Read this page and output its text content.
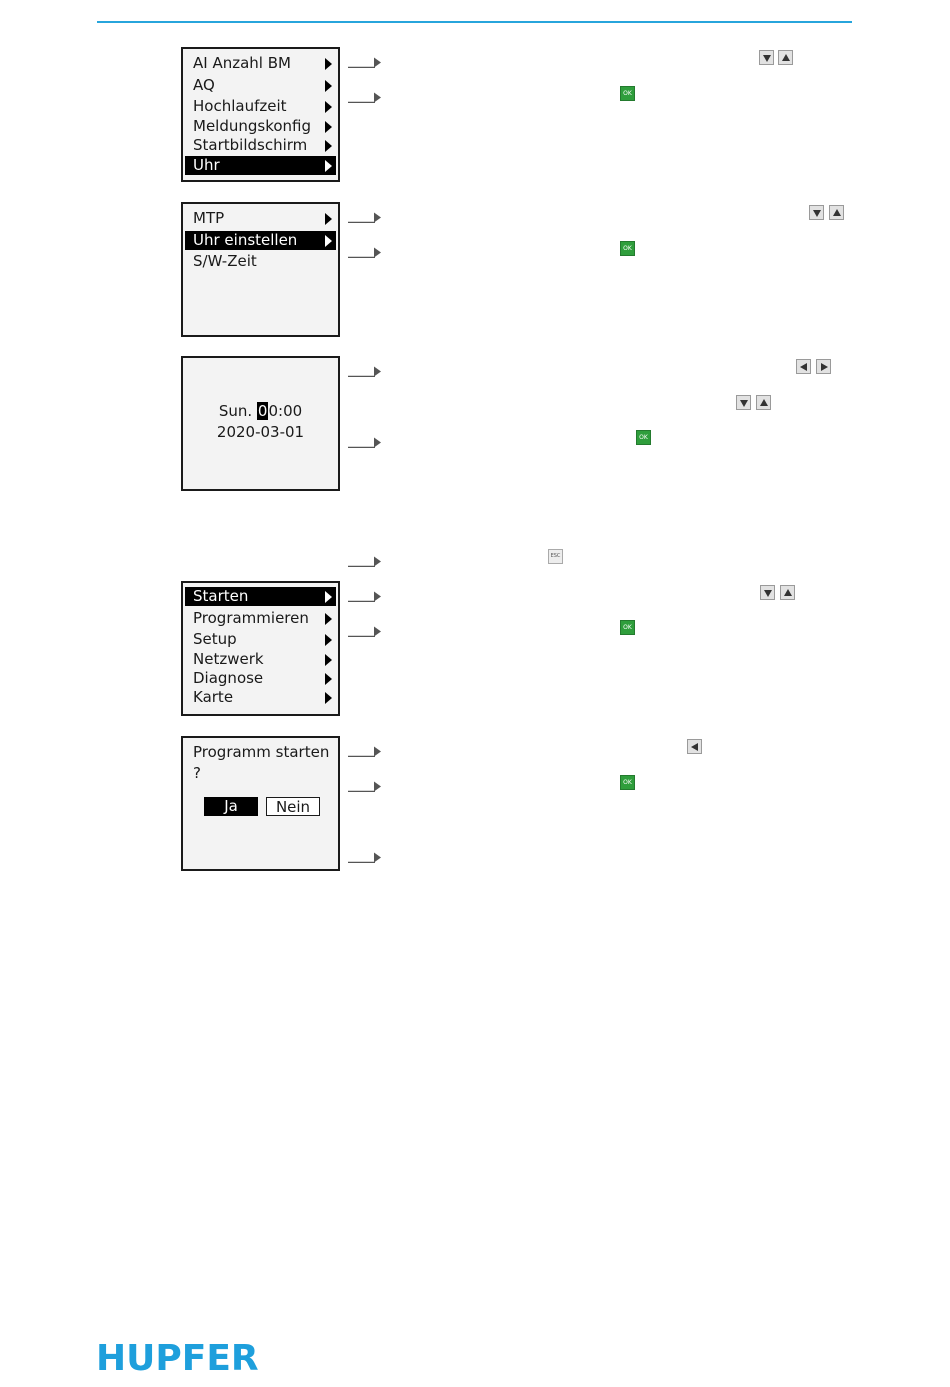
AI Anzahl BM
AQ
Hochlaufzeit
Meldungskonfig
Startbildschirm
Uhr
MTP
Uhr einstellen
S/W-Zeit
Sun. 00:00
2020-03-01
Starten
Programmieren
Setup
Netzwerk
Diagnose
Karte
Programm starten
?
Ja	Nein
OK
OK
OK
ESC
OK
OK
HUPFER
